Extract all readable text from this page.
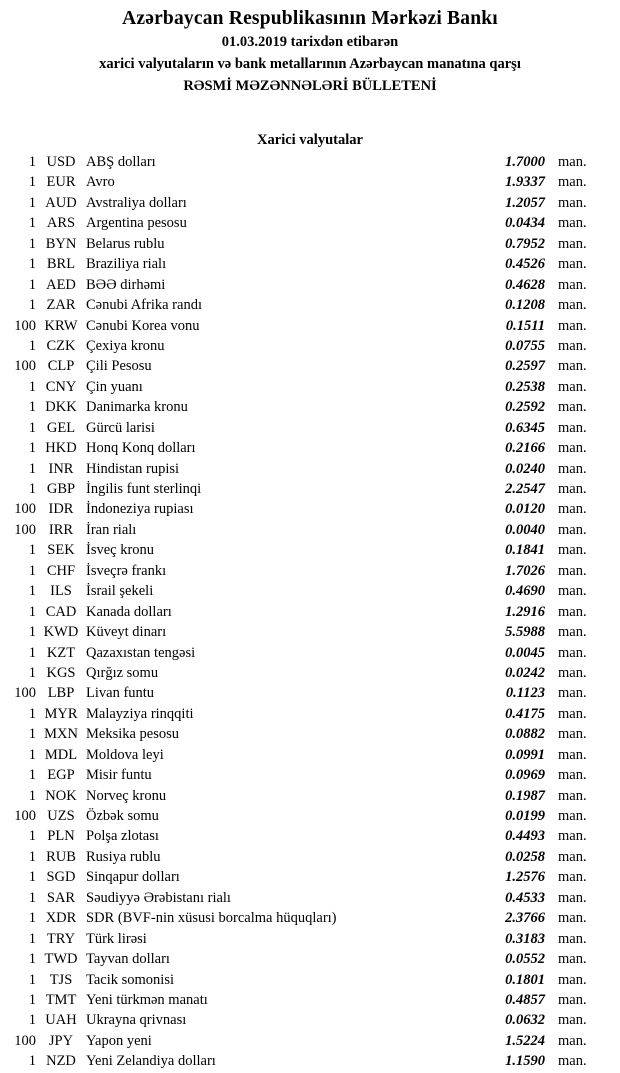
Azərbaycan Respublikasının Mərkəzi Bankı
01.03.2019 tarixdən etibarən
xarici valyutaların və bank metallarının Azərbaycan manatına qarşı
RƏSMİ MƏZƏNNƏLƏRİ BÜLLETENİ
Xarici valyutalar
1 USD ABŞ dolları	1.7000 man.
1 EUR Avro	1.9337 man.
1 AUD Avstraliya dolları	1.2057 man.
1 ARS Argentina pesosu	0.0434 man.
1 BYN Belarus rublu	0.7952 man.
1 BRL Braziliya rialı	0.4526 man.
1 AED BƏƏ dirhəmi	0.4628 man.
1 ZAR Cənubi Afrika randı	0.1208 man.
100 KRW Cənubi Korea vonu	0.1511 man.
1 CZK Çexiya kronu	0.0755 man.
100 CLP Çili Pesosu	0.2597 man.
1 CNY Çin yuanı	0.2538 man.
1 DKK Danimarka kronu	0.2592 man.
1 GEL Gürcü larisi	0.6345 man.
1 HKD Honq Konq dolları	0.2166 man.
1 INR Hindistan rupisi	0.0240 man.
1 GBP İngilis funt sterlinqi	2.2547 man.
100 IDR İndoneziya rupiası	0.0120 man.
100 IRR İran rialı	0.0040 man.
1 SEK İsveç kronu	0.1841 man.
1 CHF İsveçrə frankı	1.7026 man.
1 ILS İsrail şekeli	0.4690 man.
1 CAD Kanada dolları	1.2916 man.
1 KWD Küveyt dinarı	5.5988 man.
1 KZT Qazaxıstan tengəsi	0.0045 man.
1 KGS Qırğız somu	0.0242 man.
100 LBP Livan funtu	0.1123 man.
1 MYR Malayziya rinqqiti	0.4175 man.
1 MXN Meksika pesosu	0.0882 man.
1 MDL Moldova leyi	0.0991 man.
1 EGP Misir funtu	0.0969 man.
1 NOK Norveç kronu	0.1987 man.
100 UZS Özbək somu	0.0199 man.
1 PLN Polşa zlotası	0.4493 man.
1 RUB Rusiya rublu	0.0258 man.
1 SGD Sinqapur dolları	1.2576 man.
1 SAR Səudiyyə Ərəbistanı rialı	0.4533 man.
1 XDR SDR (BVF-nin xüsusi borcalma hüquqları)	2.3766 man.
1 TRY Türk lirəsi	0.3183 man.
1 TWD Tayvan dolları	0.0552 man.
1 TJS Tacik somonisi	0.1801 man.
1 TMT Yeni türkmən manatı	0.4857 man.
1 UAH Ukrayna qrivnası	0.0632 man.
100 JPY Yapon yeni	1.5224 man.
1 NZD Yeni Zelandiya dolları	1.1590 man.
